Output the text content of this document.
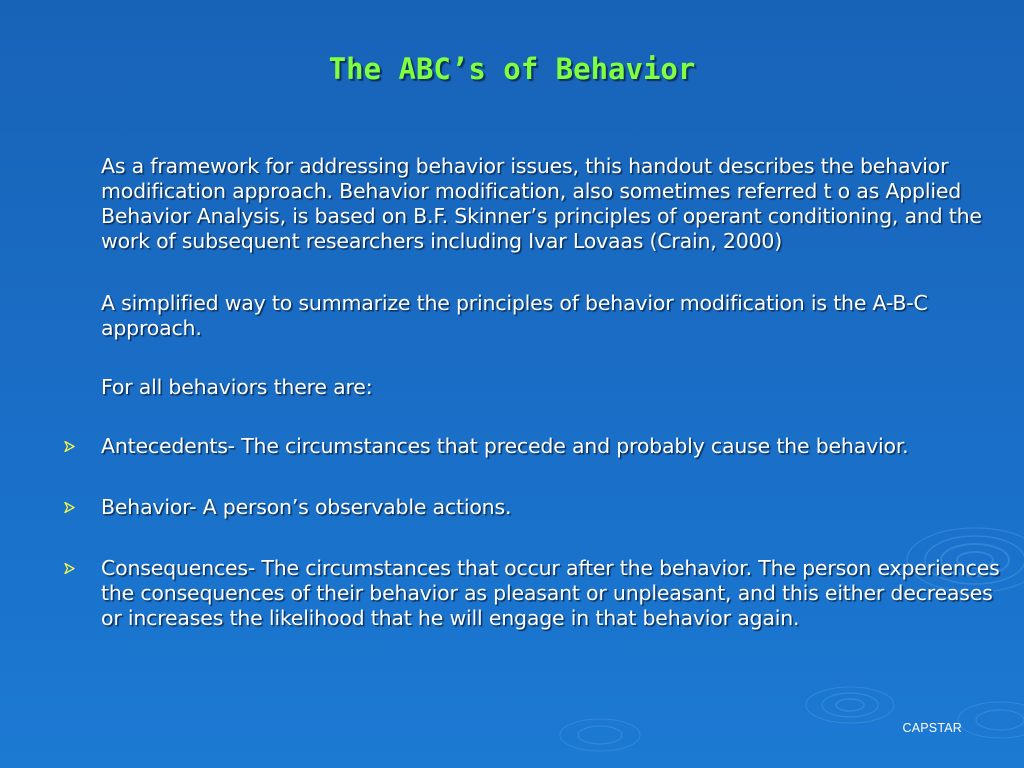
The ABC’s of Behavior

As a framework for addressing behavior issues, this handout describes the behavior modification approach. Behavior modification, also sometimes referred t o as Applied Behavior Analysis, is based on B.F. Skinner’s principles of operant conditioning, and the work of subsequent researchers including Ivar Lovaas (Crain, 2000)

A simplified way to summarize the principles of behavior modification is the A-B-C approach.

For all behaviors there are:

Antecedents- The circumstances that precede and probably cause the behavior.
Behavior- A person’s observable actions.
Consequences- The circumstances that occur after the behavior. The person experiences the consequences of their behavior as pleasant or unpleasant, and this either decreases or increases the likelihood that he will engage in that behavior again.
CAPSTAR
